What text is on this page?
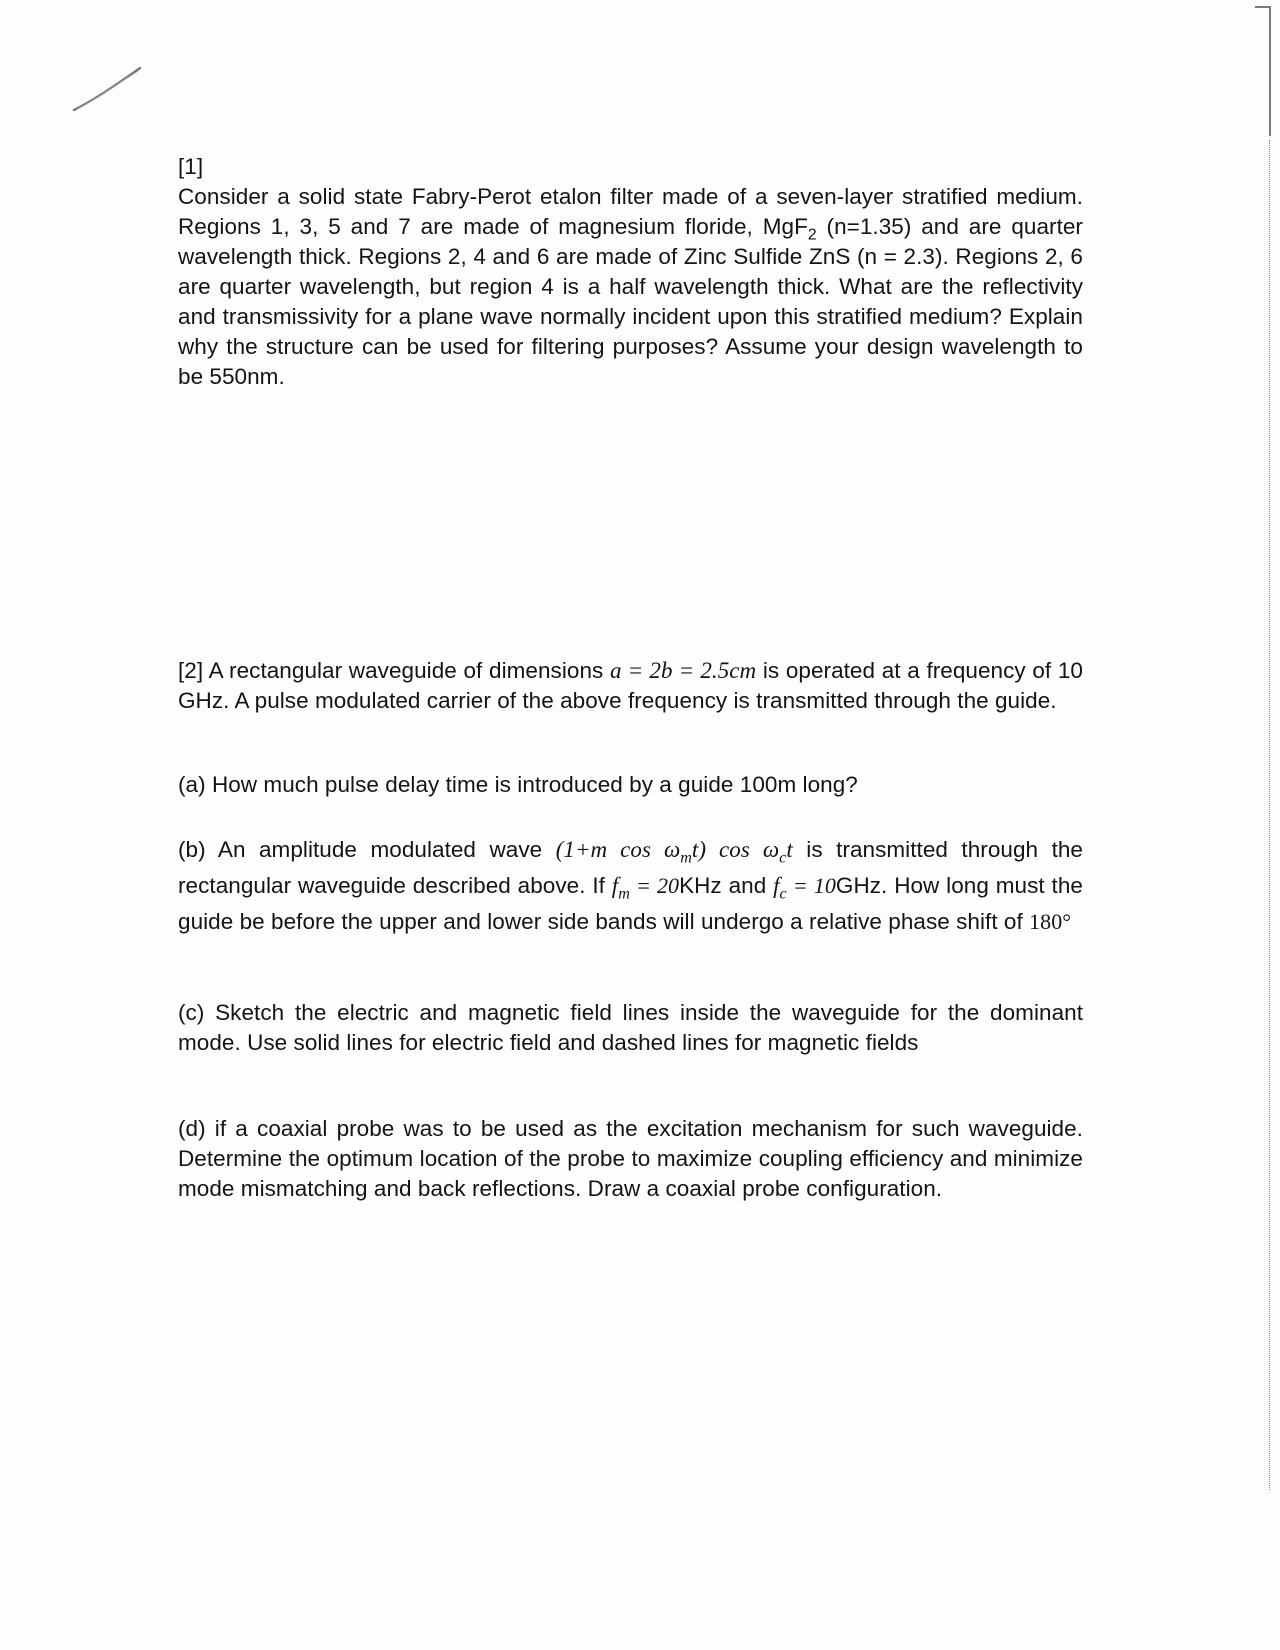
[1]

Consider a solid state Fabry-Perot etalon filter made of a seven-layer stratified medium. Regions 1, 3, 5 and 7 are made of magnesium floride, MgF$_2$ (n=1.35) and are quarter wavelength thick. Regions 2, 4 and 6 are made of Zinc Sulfide ZnS (n = 2.3). Regions 2, 6 are quarter wavelength, but region 4 is a half wavelength thick. What are the reflectivity and transmissivity for a plane wave normally incident upon this stratified medium? Explain why the structure can be used for filtering purposes? Assume your design wavelength to be 550nm.

[2] A rectangular waveguide of dimensions a = 2b = 2.5cm is operated at a frequency of 10 GHz. A pulse modulated carrier of the above frequency is transmitted through the guide.

(a) How much pulse delay time is introduced by a guide 100m long?

(b) An amplitude modulated wave (1+m $\cos \omega_mt$) $\cos \omega_ct$ is transmitted through the rectangular waveguide described above. If $f_m = 20KHz$ and $f_c = 10GHz$. How long must the guide be before the upper and lower side bands will undergo a relative phase shift of 180°

(c) Sketch the electric and magnetic field lines inside the waveguide for the dominant mode. Use solid lines for electric field and dashed lines for magnetic fields

(d) if a coaxial probe was to be used as the excitation mechanism for such waveguide. Determine the optimum location of the probe to maximize coupling efficiency and minimize mode mismatching and back reflections. Draw a coaxial probe configuration.
